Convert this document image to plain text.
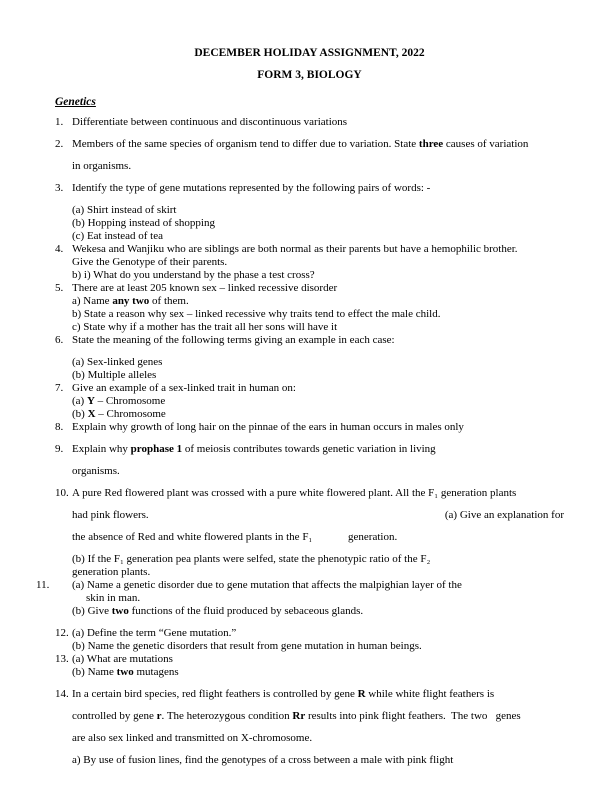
DECEMBER HOLIDAY ASSIGNMENT, 2022
FORM 3, BIOLOGY
Genetics
1. Differentiate between continuous and discontinuous variations
2. Members of the same species of organism tend to differ due to variation. State three causes of variation
in organisms.
3. Identify the type of gene mutations represented by the following pairs of words: -
(a) Shirt instead of skirt
(b) Hopping instead of shopping
(c) Eat instead of tea
4. Wekesa and Wanjiku who are siblings are both normal as their parents but have a hemophilic brother.
Give the Genotype of their parents.
b) i) What do you understand by the phase a test cross?
5. There are at least 205 known sex – linked recessive disorder
a) Name any two of them.
b) State a reason why sex – linked recessive why traits tend to effect the male child.
c) State why if a mother has the trait all her sons will have it
6. State the meaning of the following terms giving an example in each case:
(a) Sex-linked genes
(b) Multiple alleles
7. Give an example of a sex-linked trait in human on:
(a) Y – Chromosome
(b) X – Chromosome
8. Explain why growth of long hair on the pinnae of the ears in human occurs in males only
9. Explain why prophase 1 of meiosis contributes towards genetic variation in living
organisms.
10. A pure Red flowered plant was crossed with a pure white flowered plant. All the F₁ generation plants
had pink flowers.	(a) Give an explanation for
the absence of Red and white flowered plants in the F₁             generation.
(b) If the F₁ generation pea plants were selfed, state the phenotypic ratio of the F₂
generation plants.
11.	(a) Name a genetic disorder due to gene mutation that affects the malpighian layer of the
skin in man.
(b) Give two functions of the fluid produced by sebaceous glands.
12. (a) Define the term “Gene mutation.”
(b) Name the genetic disorders that result from gene mutation in human beings.
13. (a) What are mutations
(b) Name two mutagens
14. In a certain bird species, red flight feathers is controlled by gene R while white flight feathers is
controlled by gene r. The heterozygous condition Rr results into pink flight feathers.  The two   genes
are also sex linked and transmitted on X-chromosome.
a) By use of fusion lines, find the genotypes of a cross between a male with pink flight
